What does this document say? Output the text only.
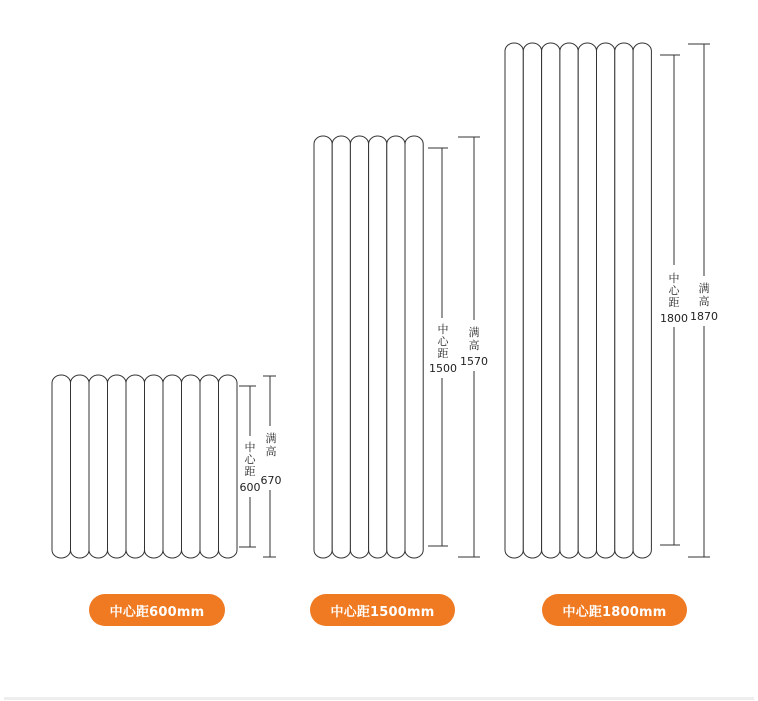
中
心
距
600
满
高
670
中
心
距
1500
满
高
1570
中
心
距
1800
满
高
1870
中心距600mm	中心距1500mm	中心距1800mm
